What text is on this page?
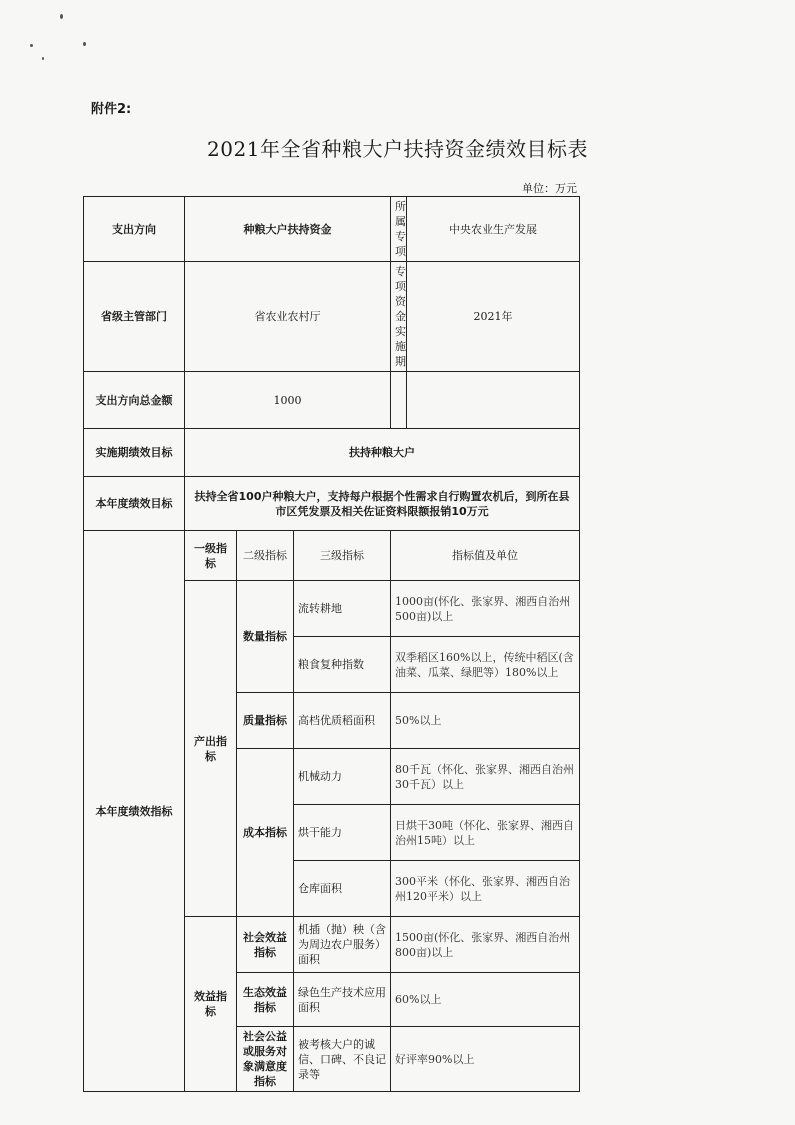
附件2:
2021年全省种粮大户扶持资金绩效目标表
单位：万元
支出方向	种粮大户扶持资金			所属专项	中央农业生产发展
省级主管部门	省农业农村厅			专项资金实施期	2021年
支出方向总金额	1000				
实施期绩效目标	扶持种粮大户				
本年度绩效目标	扶持全省100户种粮大户，支持每户根据个性需求自行购置农机后，到所在县市区凭发票及相关佐证资料限额报销10万元				
本年度绩效指标	一级指标	二级指标	三级指标	指标值及单位	
	产出指标	数量指标	流转耕地	1000亩(怀化、张家界、湘西自治州500亩)以上	
			粮食复种指数	双季稻区160%以上，传统中稻区(含油菜、瓜菜、绿肥等）180%以上	
		质量指标	高档优质稻面积	50%以上	
		成本指标	机械动力	80千瓦（怀化、张家界、湘西自治州30千瓦）以上	
			烘干能力	日烘干30吨（怀化、张家界、湘西自治州15吨）以上	
			仓库面积	300平米（怀化、张家界、湘西自治州120平米）以上	
	效益指标	社会效益指标	机插（抛）秧（含为周边农户服务）面积	1500亩(怀化、张家界、湘西自治州800亩)以上	
		生态效益指标	绿色生产技术应用面积	60%以上	
		社会公益或服务对象满意度指标	被考核大户的诚信、口碑、不良记录等	好评率90%以上	
